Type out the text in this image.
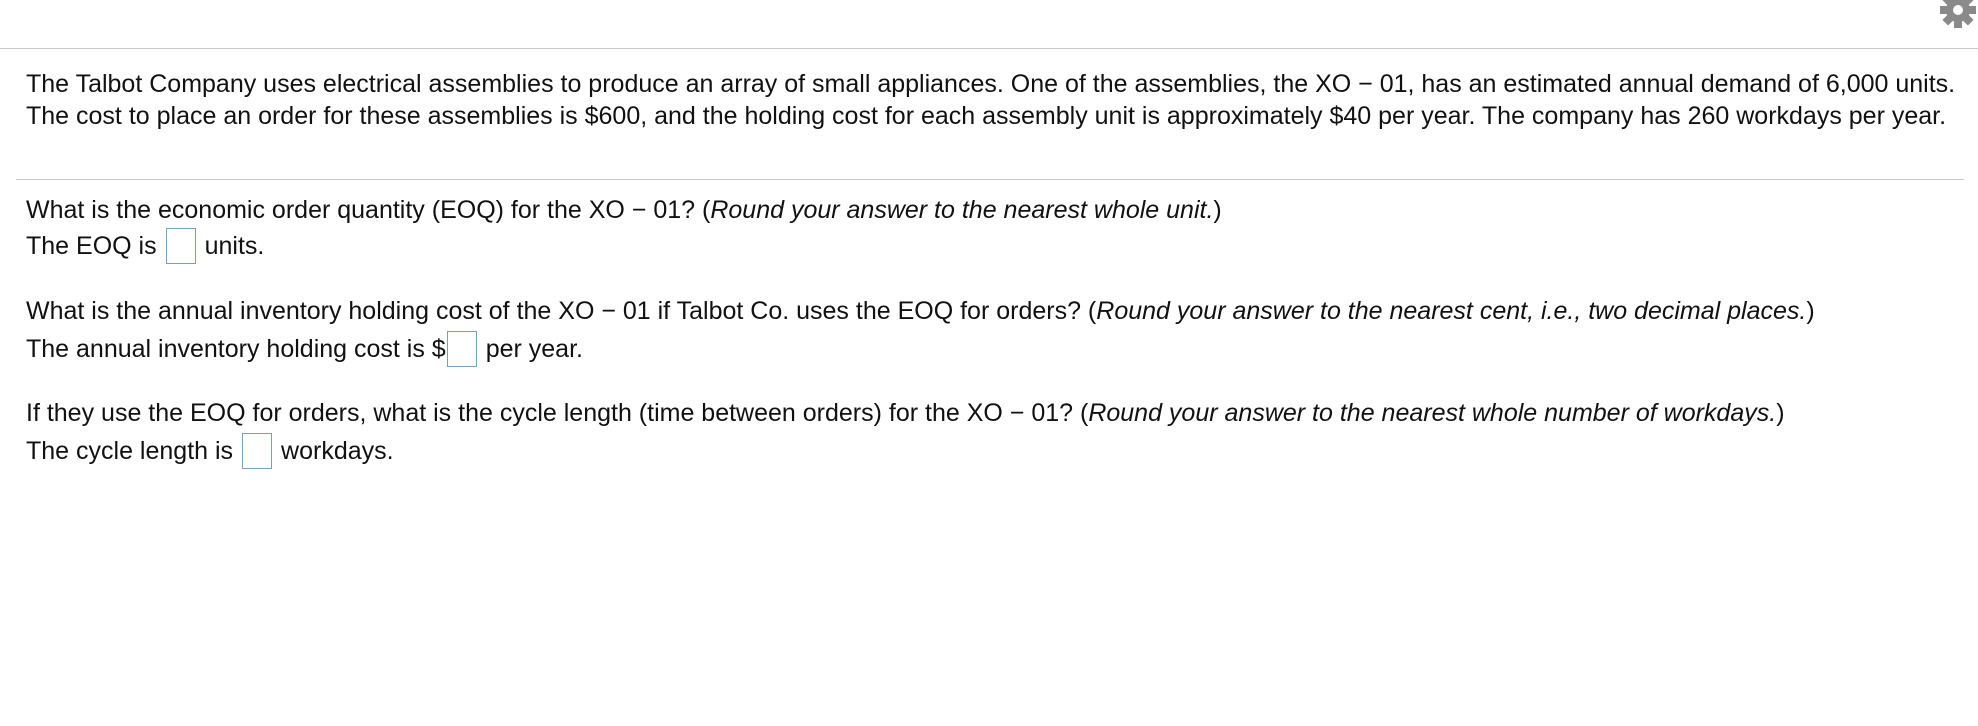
The Talbot Company uses electrical assemblies to produce an array of small appliances. One of the assemblies, the XO − 01, has an estimated annual demand of 6,000 units. The cost to place an order for these assemblies is $600, and the holding cost for each assembly unit is approximately $40 per year. The company has 260 workdays per year.
What is the economic order quantity (EOQ) for the XO − 01? (Round your answer to the nearest whole unit.)
The EOQ is units.
What is the annual inventory holding cost of the XO − 01 if Talbot Co. uses the EOQ for orders? (Round your answer to the nearest cent, i.e., two decimal places.)
The annual inventory holding cost is $ per year.
If they use the EOQ for orders, what is the cycle length (time between orders) for the XO − 01? (Round your answer to the nearest whole number of workdays.)
The cycle length is workdays.
